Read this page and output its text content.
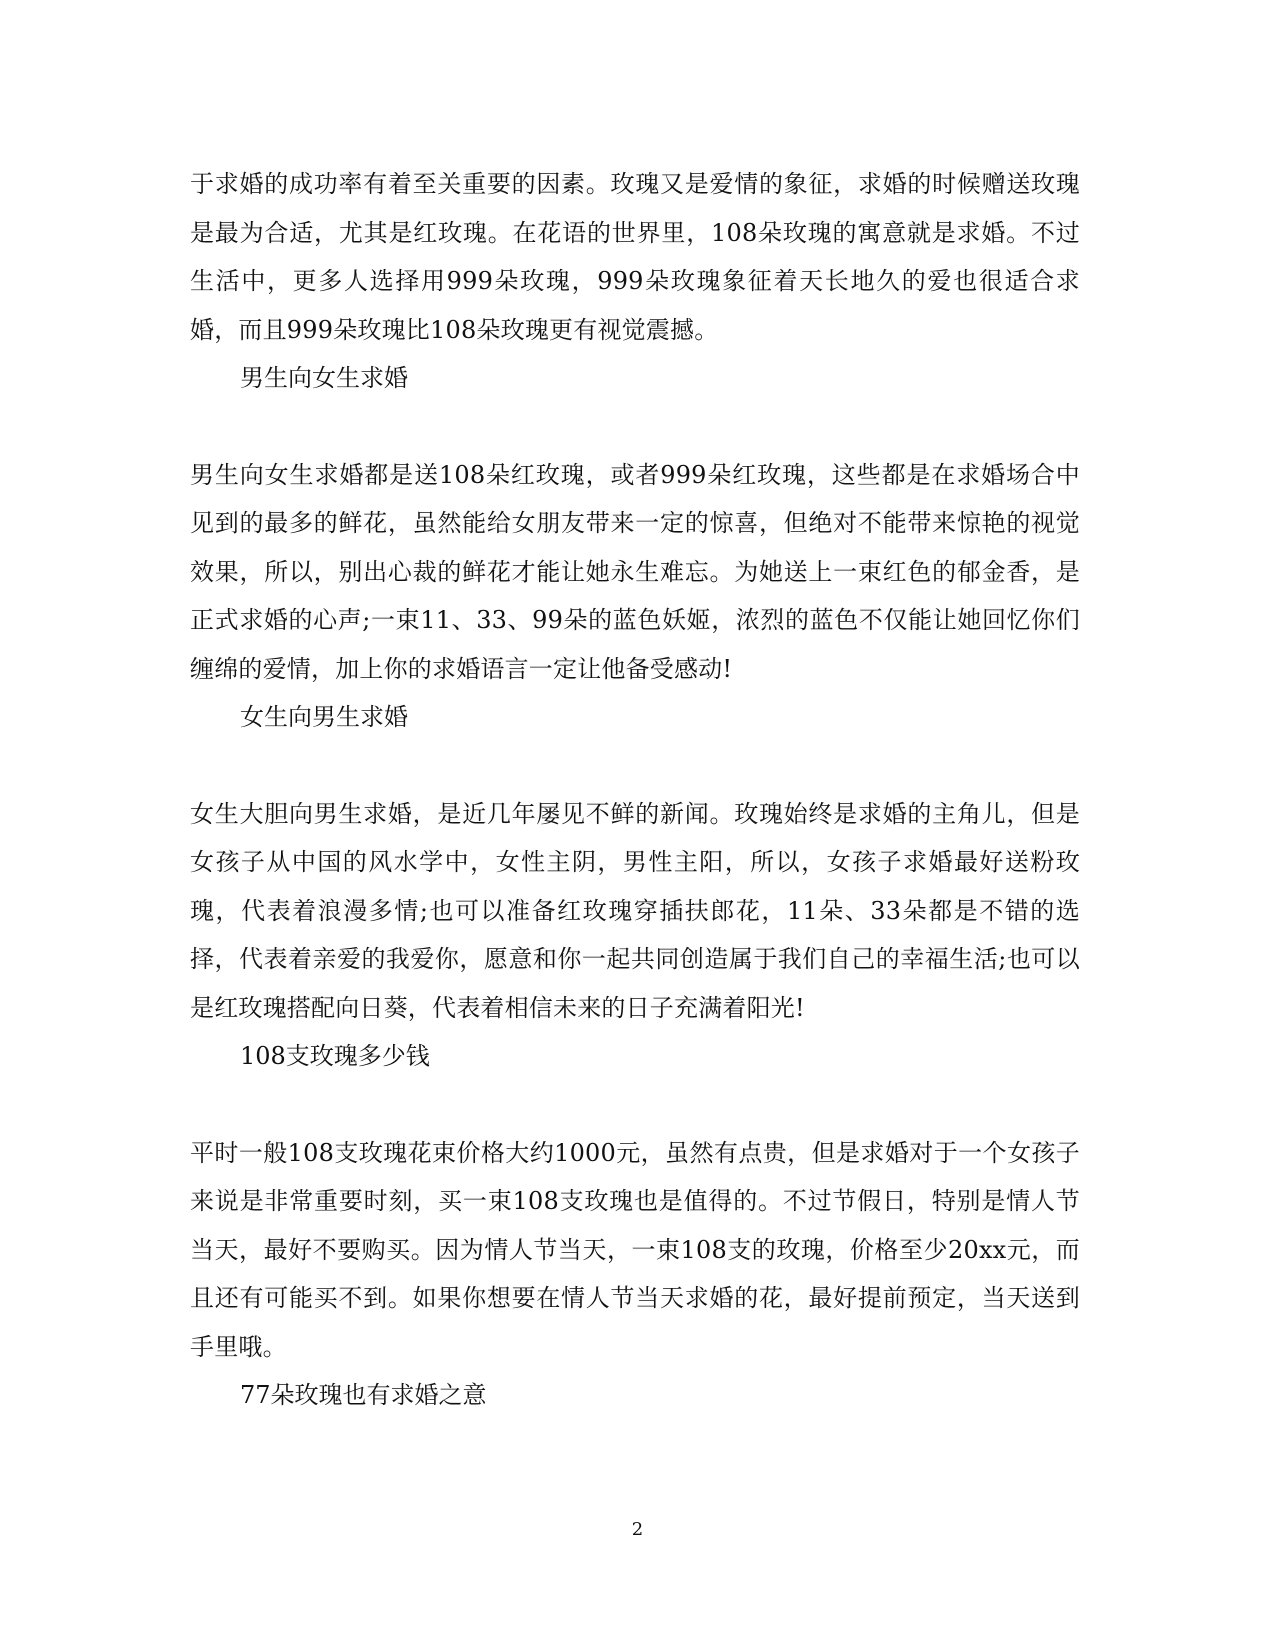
于求婚的成功率有着至关重要的因素。玫瑰又是爱情的象征，求婚的时候赠送玫瑰是最为合适，尤其是红玫瑰。在花语的世界里，108朵玫瑰的寓意就是求婚。不过生活中，更多人选择用999朵玫瑰，999朵玫瑰象征着天长地久的爱也很适合求婚，而且999朵玫瑰比108朵玫瑰更有视觉震撼。

男生向女生求婚

男生向女生求婚都是送108朵红玫瑰，或者999朵红玫瑰，这些都是在求婚场合中见到的最多的鲜花，虽然能给女朋友带来一定的惊喜，但绝对不能带来惊艳的视觉效果，所以，别出心裁的鲜花才能让她永生难忘。为她送上一束红色的郁金香，是正式求婚的心声;一束11、33、99朵的蓝色妖姬，浓烈的蓝色不仅能让她回忆你们缠绵的爱情，加上你的求婚语言一定让他备受感动!

女生向男生求婚

女生大胆向男生求婚，是近几年屡见不鲜的新闻。玫瑰始终是求婚的主角儿，但是女孩子从中国的风水学中，女性主阴，男性主阳，所以，女孩子求婚最好送粉玫瑰，代表着浪漫多情;也可以准备红玫瑰穿插扶郎花，11朵、33朵都是不错的选择，代表着亲爱的我爱你，愿意和你一起共同创造属于我们自己的幸福生活;也可以是红玫瑰搭配向日葵，代表着相信未来的日子充满着阳光!

108支玫瑰多少钱

平时一般108支玫瑰花束价格大约1000元，虽然有点贵，但是求婚对于一个女孩子来说是非常重要时刻，买一束108支玫瑰也是值得的。不过节假日，特别是情人节当天，最好不要购买。因为情人节当天，一束108支的玫瑰，价格至少20xx元，而且还有可能买不到。如果你想要在情人节当天求婚的花，最好提前预定，当天送到手里哦。

77朵玫瑰也有求婚之意

2
